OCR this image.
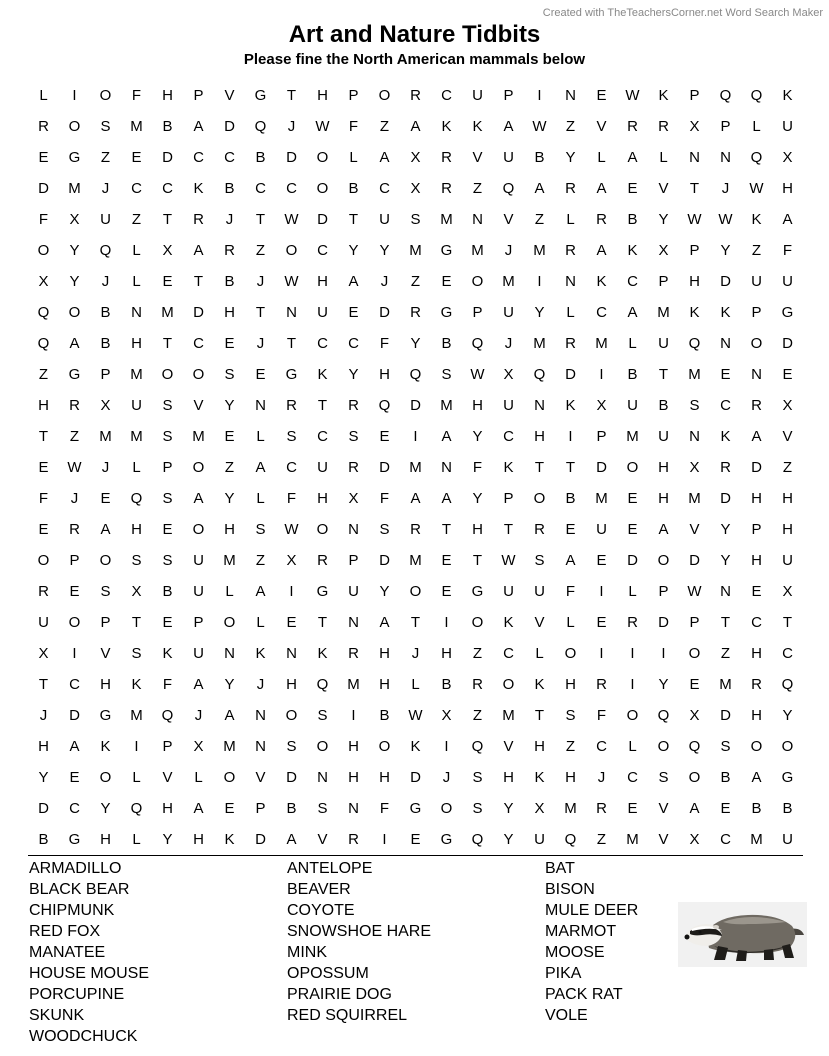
Created with TheTeachersCorner.net Word Search Maker
Art and Nature Tidbits
Please fine the North American mammals below
L	I	O	F	H	P	V	G	T	H	P	O	R	C	U	P	I	N	E	W	K	P	Q	Q	K
R	O	S	M	B	A	D	Q	J	W	F	Z	A	K	K	A	W	Z	V	R	R	X	P	L	U
E	G	Z	E	D	C	C	B	D	O	L	A	X	R	V	U	B	Y	L	A	L	N	N	Q	X
D	M	J	C	C	K	B	C	C	O	B	C	X	R	Z	Q	A	R	A	E	V	T	J	W	H
F	X	U	Z	T	R	J	T	W	D	T	U	S	M	N	V	Z	L	R	B	Y	W	W	K	A
O	Y	Q	L	X	A	R	Z	O	C	Y	Y	M	G	M	J	M	R	A	K	X	P	Y	Z	F
X	Y	J	L	E	T	B	J	W	H	A	J	Z	E	O	M	I	N	K	C	P	H	D	U	U
Q	O	B	N	M	D	H	T	N	U	E	D	R	G	P	U	Y	L	C	A	M	K	K	P	G
Q	A	B	H	T	C	E	J	T	C	C	F	Y	B	Q	J	M	R	M	L	U	Q	N	O	D
Z	G	P	M	O	O	S	E	G	K	Y	H	Q	S	W	X	Q	D	I	B	T	M	E	N	E
H	R	X	U	S	V	Y	N	R	T	R	Q	D	M	H	U	N	K	X	U	B	S	C	R	X
T	Z	M	M	S	M	E	L	S	C	S	E	I	A	Y	C	H	I	P	M	U	N	K	A	V
E	W	J	L	P	O	Z	A	C	U	R	D	M	N	F	K	T	T	D	O	H	X	R	D	Z
F	J	E	Q	S	A	Y	L	F	H	X	F	A	A	Y	P	O	B	M	E	H	M	D	H	H
E	R	A	H	E	O	H	S	W	O	N	S	R	T	H	T	R	E	U	E	A	V	Y	P	H
O	P	O	S	S	U	M	Z	X	R	P	D	M	E	T	W	S	A	E	D	O	D	Y	H	U
R	E	S	X	B	U	L	A	I	G	U	Y	O	E	G	U	U	F	I	L	P	W	N	E	X
U	O	P	T	E	P	O	L	E	T	N	A	T	I	O	K	V	L	E	R	D	P	T	C	T
X	I	V	S	K	U	N	K	N	K	R	H	J	H	Z	C	L	O	I	I	I	O	Z	H	C
T	C	H	K	F	A	Y	J	H	Q	M	H	L	B	R	O	K	H	R	I	Y	E	M	R	Q
J	D	G	M	Q	J	A	N	O	S	I	B	W	X	Z	M	T	S	F	O	Q	X	D	H	Y
H	A	K	I	P	X	M	N	S	O	H	O	K	I	Q	V	H	Z	C	L	O	Q	S	O	O
Y	E	O	L	V	L	O	V	D	N	H	H	D	J	S	H	K	H	J	C	S	O	B	A	G
D	C	Y	Q	H	A	E	P	B	S	N	F	G	O	S	Y	X	M	R	E	V	A	E	B	B
B	G	H	L	Y	H	K	D	A	V	R	I	E	G	Q	Y	U	Q	Z	M	V	X	C	M	U
ARMADILLO
BLACK BEAR
CHIPMUNK
RED FOX
MANATEE
HOUSE MOUSE
PORCUPINE
SKUNK
WOODCHUCK
ANTELOPE
BEAVER
COYOTE
SNOWSHOE HARE
MINK
OPOSSUM
PRAIRIE DOG
RED SQUIRREL
BAT
BISON
MULE DEER
MARMOT
MOOSE
PIKA
PACK RAT
VOLE
